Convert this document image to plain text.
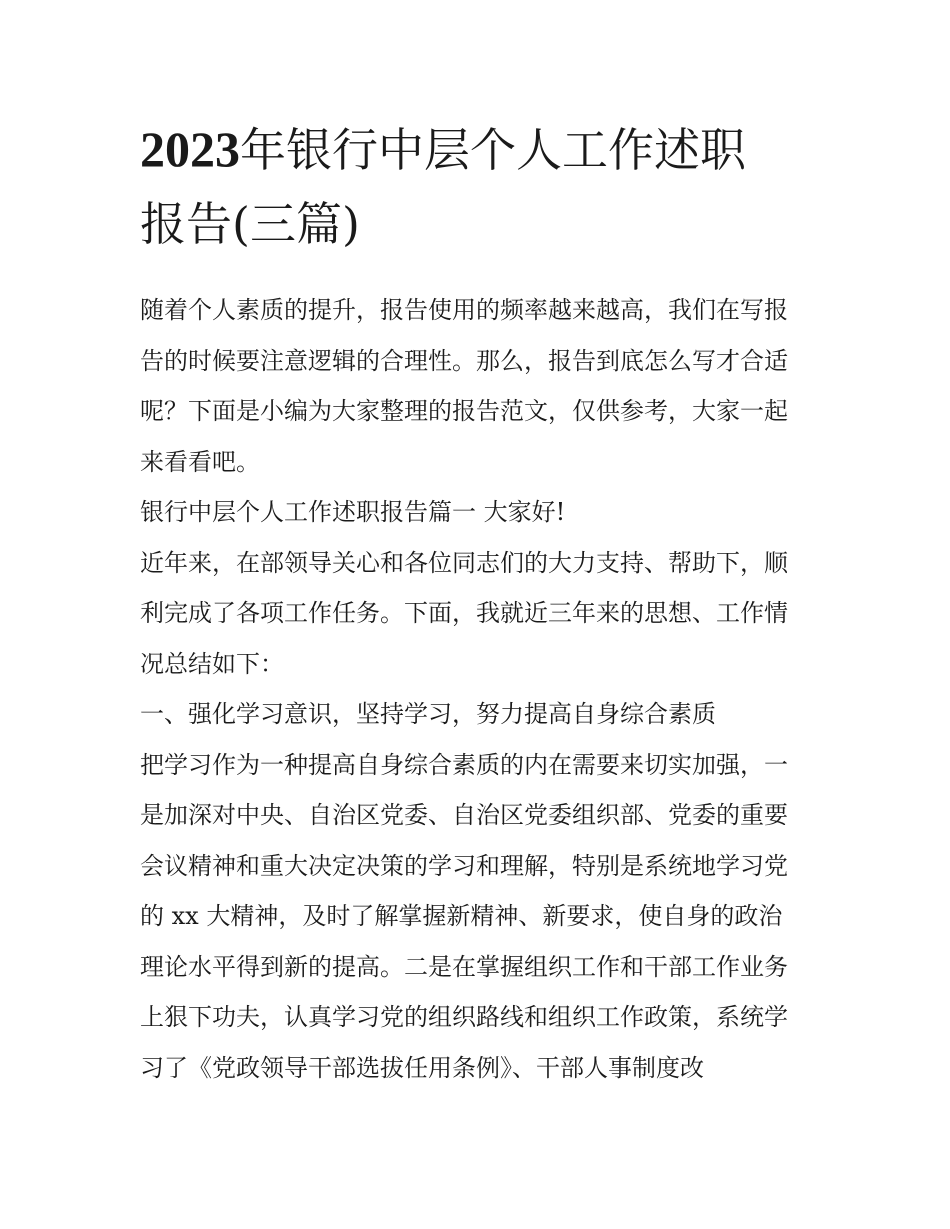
2023年银行中层个人工作述职
报告(三篇)

随着个人素质的提升，报告使用的频率越来越高，我们在写报

告的时候要注意逻辑的合理性。那么，报告到底怎么写才合适

呢？下面是小编为大家整理的报告范文，仅供参考，大家一起

来看看吧。

银行中层个人工作述职报告篇一 大家好!

近年来，在部领导关心和各位同志们的大力支持、帮助下，顺

利完成了各项工作任务。下面，我就近三年来的思想、工作情

况总结如下：

一、强化学习意识，坚持学习，努力提高自身综合素质

把学习作为一种提高自身综合素质的内在需要来切实加强，一

是加深对中央、自治区党委、自治区党委组织部、党委的重要

会议精神和重大决定决策的学习和理解，特别是系统地学习党

的 xx 大精神，及时了解掌握新精神、新要求，使自身的政治

理论水平得到新的提高。二是在掌握组织工作和干部工作业务

上狠下功夫，认真学习党的组织路线和组织工作政策，系统学

习了《党政领导干部选拔任用条例》、干部人事制度改
